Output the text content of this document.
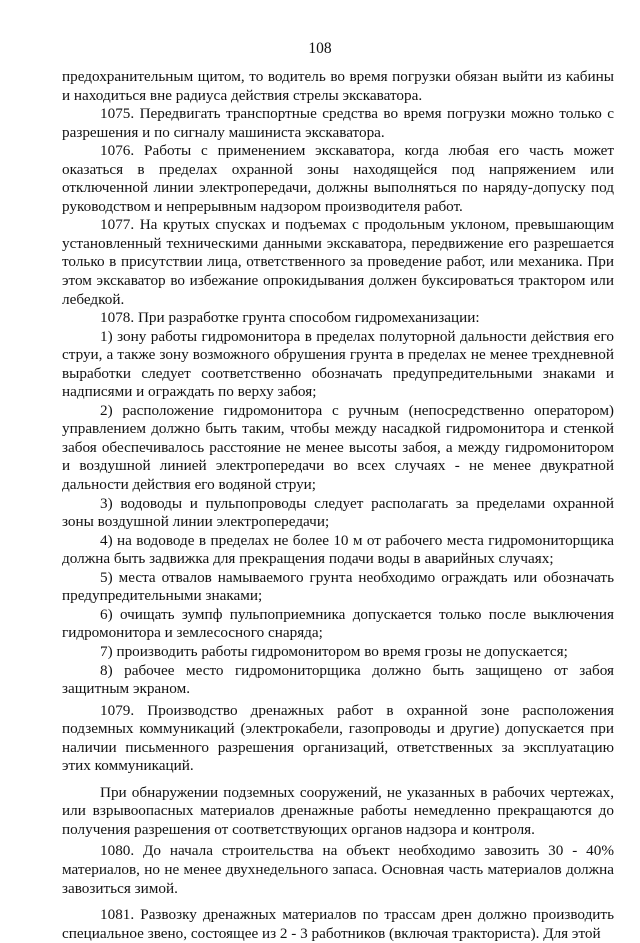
108

предохранительным щитом, то водитель во время погрузки обязан выйти из кабины и находиться вне радиуса действия стрелы экскаватора.

1075. Передвигать транспортные средства во время погрузки можно только с разрешения и по сигналу машиниста экскаватора.

1076. Работы с применением экскаватора, когда любая его часть может оказаться в пределах охранной зоны находящейся под напряжением или отключенной линии электропередачи, должны выполняться по наряду-допуску под руководством и непрерывным надзором производителя работ.

1077. На крутых спусках и подъемах с продольным уклоном, превышающим установленный техническими данными экскаватора, передвижение его разрешается только в присутствии лица, ответственного за проведение работ, или механика. При этом экскаватор во избежание опрокидывания должен буксироваться трактором или лебедкой.

1078. При разработке грунта способом гидромеханизации:

1) зону работы гидромонитора в пределах полуторной дальности действия его струи, а также зону возможного обрушения грунта в пределах не менее трехдневной выработки следует соответственно обозначать предупредительными знаками и надписями и ограждать по верху забоя;

2) расположение гидромонитора с ручным (непосредственно оператором) управлением должно быть таким, чтобы между насадкой гидромонитора и стенкой забоя обеспечивалось расстояние не менее высоты забоя, а между гидромонитором и воздушной линией электропередачи во всех случаях - не менее двукратной дальности действия его водяной струи;

3) водоводы и пульпопроводы следует располагать за пределами охранной зоны воздушной линии электропередачи;

4) на водоводе в пределах не более 10 м от рабочего места гидромониторщика должна быть задвижка для прекращения подачи воды в аварийных случаях;

5) места отвалов намываемого грунта необходимо ограждать или обозначать предупредительными знаками;

6) очищать зумпф пульпоприемника допускается только после выключения гидромонитора и землесосного снаряда;

7) производить работы гидромонитором во время грозы не допускается;

8) рабочее место гидромониторщика должно быть защищено от забоя защитным экраном.

1079. Производство дренажных работ в охранной зоне расположения подземных коммуникаций (электрокабели, газопроводы и другие) допускается при наличии письменного разрешения организаций, ответственных за эксплуатацию этих коммуникаций.

При обнаружении подземных сооружений, не указанных в рабочих чертежах, или взрывоопасных материалов дренажные работы немедленно прекращаются до получения разрешения от соответствующих органов надзора и контроля.

1080. До начала строительства на объект необходимо завозить 30 - 40% материалов, но не менее двухнедельного запаса. Основная часть материалов должна завозиться зимой.

1081. Развозку дренажных материалов по трассам дрен должно производить специальное звено, состоящее из 2 - 3 работников (включая тракториста). Для этой
